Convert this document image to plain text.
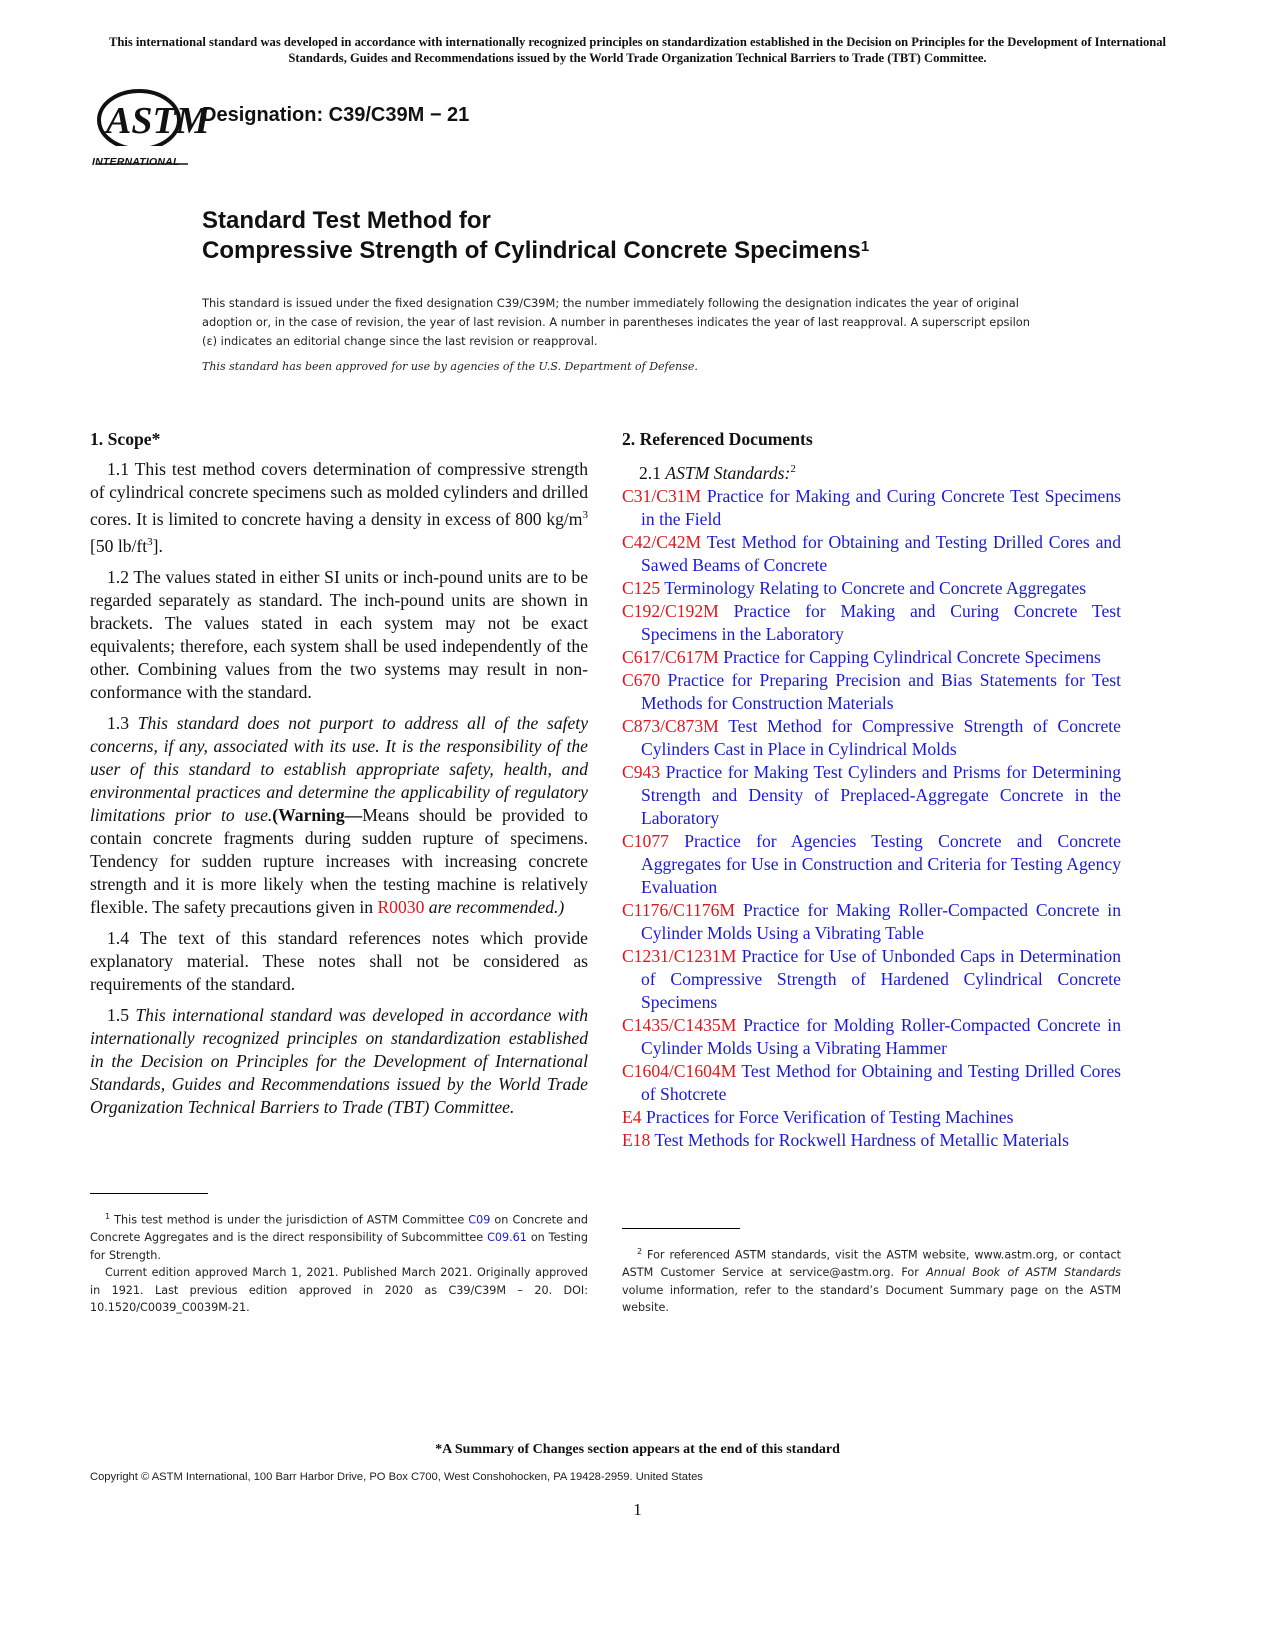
This international standard was developed in accordance with internationally recognized principles on standardization established in the Decision on Principles for the Development of International Standards, Guides and Recommendations issued by the World Trade Organization Technical Barriers to Trade (TBT) Committee.
ASTM
INTERNATIONAL
Designation: C39/C39M − 21
Standard Test Method for
Compressive Strength of Cylindrical Concrete Specimens$^1$
This standard is issued under the fixed designation C39/C39M; the number immediately following the designation indicates the year of original adoption or, in the case of revision, the year of last revision. A number in parentheses indicates the year of last reapproval. A superscript epsilon (ε) indicates an editorial change since the last revision or reapproval.
This standard has been approved for use by agencies of the U.S. Department of Defense.
1. Scope*

1.1 This test method covers determination of compressive strength of cylindrical concrete specimens such as molded cylinders and drilled cores. It is limited to concrete having a density in excess of 800 $kg/m^3$ [50 $lb/ft^3$].

1.2 The values stated in either SI units or inch-pound units are to be regarded separately as standard. The inch-pound units are shown in brackets. The values stated in each system may not be exact equivalents; therefore, each system shall be used independently of the other. Combining values from the two systems may result in non-conformance with the standard.

1.3 This standard does not purport to address all of the safety concerns, if any, associated with its use. It is the responsibility of the user of this standard to establish appropriate safety, health, and environmental practices and determine the applicability of regulatory limitations prior to use.(Warning—Means should be provided to contain concrete fragments during sudden rupture of specimens. Tendency for sudden rupture increases with increasing concrete strength and it is more likely when the testing machine is relatively flexible. The safety precautions given in R0030 are recommended.)

1.4 The text of this standard references notes which provide explanatory material. These notes shall not be considered as requirements of the standard.

1.5 This international standard was developed in accordance with internationally recognized principles on standardization established in the Decision on Principles for the Development of International Standards, Guides and Recommendations issued by the World Trade Organization Technical Barriers to Trade (TBT) Committee.

2. Referenced Documents

2.1 ASTM Standards:$^2$

C31/C31M Practice for Making and Curing Concrete Test Specimens in the Field

C42/C42M Test Method for Obtaining and Testing Drilled Cores and Sawed Beams of Concrete

C125 Terminology Relating to Concrete and Concrete Aggregates

C192/C192M Practice for Making and Curing Concrete Test Specimens in the Laboratory

C617/C617M Practice for Capping Cylindrical Concrete Specimens

C670 Practice for Preparing Precision and Bias Statements for Test Methods for Construction Materials

C873/C873M Test Method for Compressive Strength of Concrete Cylinders Cast in Place in Cylindrical Molds

C943 Practice for Making Test Cylinders and Prisms for Determining Strength and Density of Preplaced-Aggregate Concrete in the Laboratory

C1077 Practice for Agencies Testing Concrete and Concrete Aggregates for Use in Construction and Criteria for Testing Agency Evaluation

C1176/C1176M Practice for Making Roller-Compacted Concrete in Cylinder Molds Using a Vibrating Table

C1231/C1231M Practice for Use of Unbonded Caps in Determination of Compressive Strength of Hardened Cylindrical Concrete Specimens

C1435/C1435M Practice for Molding Roller-Compacted Concrete in Cylinder Molds Using a Vibrating Hammer

C1604/C1604M Test Method for Obtaining and Testing Drilled Cores of Shotcrete

E4 Practices for Force Verification of Testing Machines

E18 Test Methods for Rockwell Hardness of Metallic Materials

$^1$ This test method is under the jurisdiction of ASTM Committee C09 on Concrete and Concrete Aggregates and is the direct responsibility of Subcommittee C09.61 on Testing for Strength.

Current edition approved March 1, 2021. Published March 2021. Originally approved in 1921. Last previous edition approved in 2020 as C39/C39M – 20. DOI: 10.1520/C0039_C0039M-21.

$^2$ For referenced ASTM standards, visit the ASTM website, www.astm.org, or contact ASTM Customer Service at service@astm.org. For Annual Book of ASTM Standards volume information, refer to the standard’s Document Summary page on the ASTM website.

*A Summary of Changes section appears at the end of this standard
Copyright © ASTM International, 100 Barr Harbor Drive, PO Box C700, West Conshohocken, PA 19428-2959. United States
1
